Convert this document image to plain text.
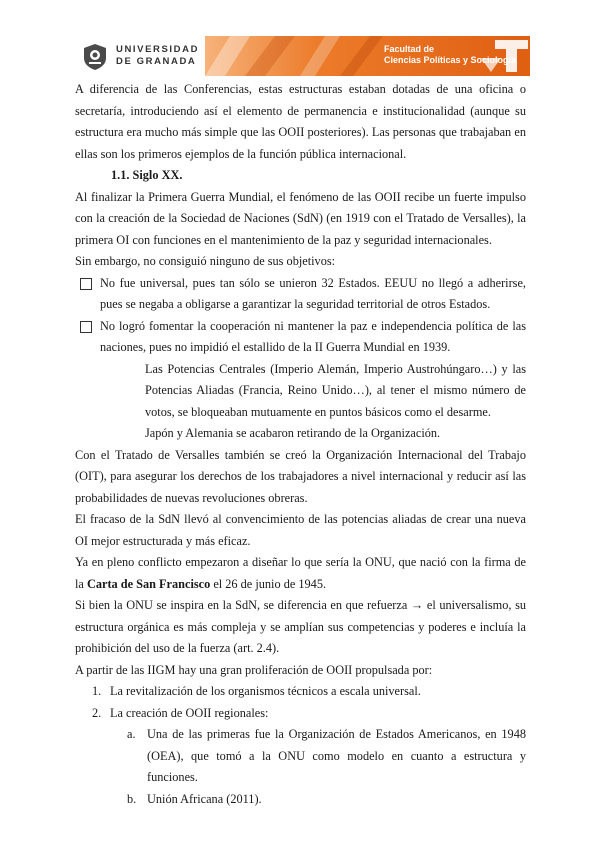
UNIVERSIDAD
DE GRANADA
Facultad de
Ciencias Políticas y Sociología

A diferencia de las Conferencias, estas estructuras estaban dotadas de una oficina o secretaría, introduciendo así el elemento de permanencia e institucionalidad (aunque su estructura era mucho más simple que las OOII posteriores). Las personas que trabajaban en ellas son los primeros ejemplos de la función pública internacional.

1.1. Siglo XX.

Al finalizar la Primera Guerra Mundial, el fenómeno de las OOII recibe un fuerte impulso con la creación de la Sociedad de Naciones (SdN) (en 1919 con el Tratado de Versalles), la primera OI con funciones en el mantenimiento de la paz y seguridad internacionales.

Sin embargo, no consiguió ninguno de sus objetivos:

No fue universal, pues tan sólo se unieron 32 Estados. EEUU no llegó a adherirse, pues se negaba a obligarse a garantizar la seguridad territorial de otros Estados.
No logró fomentar la cooperación ni mantener la paz e independencia política de las naciones, pues no impidió el estallido de la II Guerra Mundial en 1939.

Las Potencias Centrales (Imperio Alemán, Imperio Austrohúngaro…) y las Potencias Aliadas (Francia, Reino Unido…), al tener el mismo número de votos, se bloqueaban mutuamente en puntos básicos como el desarme.

Japón y Alemania se acabaron retirando de la Organización.

Con el Tratado de Versalles también se creó la Organización Internacional del Trabajo (OIT), para asegurar los derechos de los trabajadores a nivel internacional y reducir así las probabilidades de nuevas revoluciones obreras.

El fracaso de la SdN llevó al convencimiento de las potencias aliadas de crear una nueva OI mejor estructurada y más eficaz.

Ya en pleno conflicto empezaron a diseñar lo que sería la ONU, que nació con la firma de la Carta de San Francisco el 26 de junio de 1945.

Si bien la ONU se inspira en la SdN, se diferencia en que refuerza → el universalismo, su estructura orgánica es más compleja y se amplían sus competencias y poderes e incluía la prohibición del uso de la fuerza (art. 2.4).

A partir de las IIGM hay una gran proliferación de OOII propulsada por:

1. La revitalización de los organismos técnicos a escala universal.
2. La creación de OOII regionales:
a. Una de las primeras fue la Organización de Estados Americanos, en 1948 (OEA), que tomó a la ONU como modelo en cuanto a estructura y funciones.
b. Unión Africana (2011).
